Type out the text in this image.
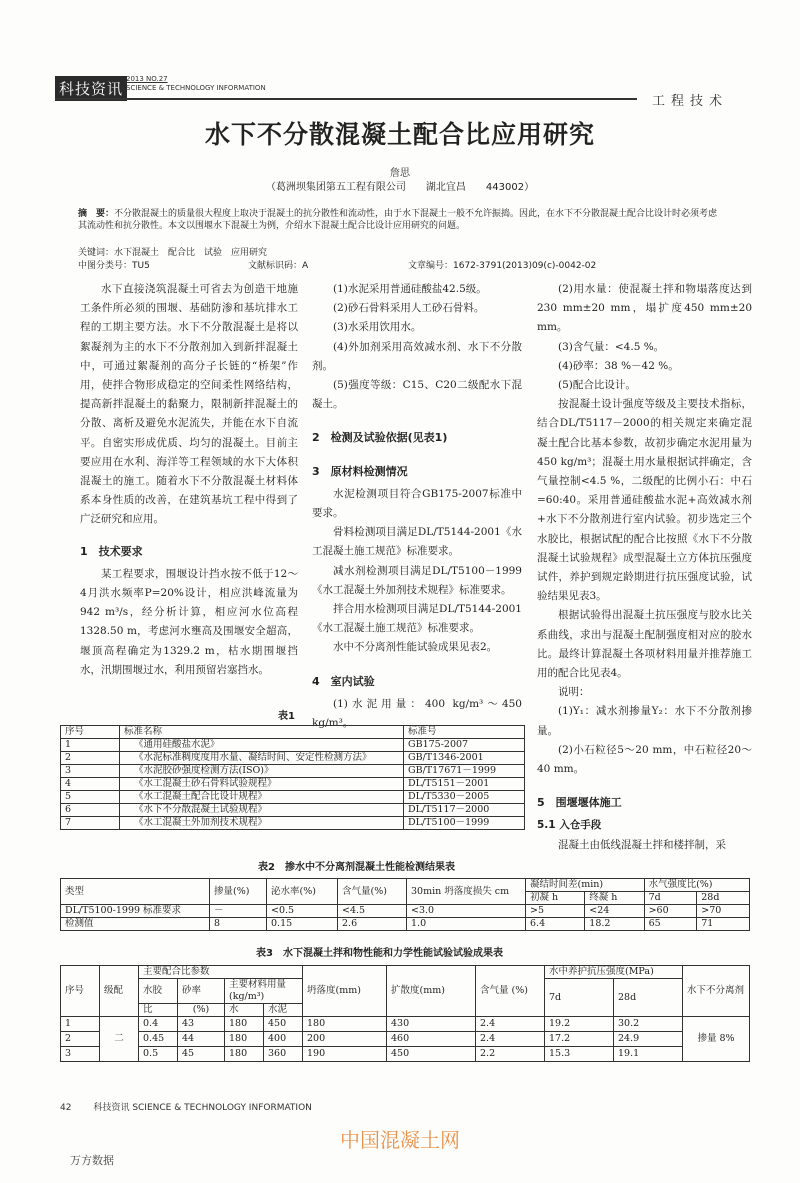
科技资讯
2013 NO.27
SCIENCE & TECHNOLOGY INFORMATION
工程技术
水下不分散混凝土配合比应用研究
詹思
（葛洲坝集团第五工程有限公司　　湖北宜昌　　443002）
摘　要：不分散混凝土的质量很大程度上取决于混凝土的抗分散性和流动性，由于水下混凝土一般不允许振捣。因此，在水下不分散混凝土配合比设计时必须考虑其流动性和抗分散性。本文以围堰水下混凝土为例，介绍水下混凝土配合比设计应用研究的问题。
关键词：水下混凝土　配合比　试验　应用研究
中图分类号：TU5	文献标识码：A	文章编号：1672-3791(2013)09(c)-0042-02

水下直接浇筑混凝土可省去为创造干地施工条件所必须的围堰、基础防渗和基坑排水工程的工期主要方法。水下不分散混凝土是将以絮凝剂为主的水下不分散剂加入到新拌混凝土中，可通过絮凝剂的高分子长链的“桥架”作用，使拌合物形成稳定的空间柔性网络结构，提高新拌混凝土的黏聚力，限制新拌混凝土的分散、离析及避免水泥流失，并能在水下自流平。自密实形成优质、均匀的混凝土。目前主要应用在水利、海洋等工程领域的水下大体积混凝土的施工。随着水下不分散混凝土材料体系本身性质的改善，在建筑基坑工程中得到了广泛研究和应用。

1　技术要求

某工程要求，围堰设计挡水按不低于12～4月洪水频率P=20%设计，相应洪峰流量为942 m³/s，经分析计算，相应河水位高程1328.50 m，考虑河水壅高及围堰安全超高，堰顶高程确定为1329.2 m，枯水期围堰挡水，汛期围堰过水，利用预留岩塞挡水。

(1)水泥采用普通硅酸盐42.5级。

(2)砂石骨料采用人工砂石骨料。

(3)水采用饮用水。

(4)外加剂采用高效减水剂、水下不分散剂。

(5)强度等级：C15、C20二级配水下混凝土。

2　检测及试验依据(见表1)
3　原材料检测情况

水泥检测项目符合GB175-2007标准中要求。

骨料检测项目满足DL/T5144-2001《水工混凝土施工规范》标准要求。

减水剂检测项目满足DL/T5100－1999《水工混凝土外加剂技术规程》标准要求。

拌合用水检测项目满足DL/T5144-2001《水工混凝土施工规范》标准要求。

水中不分离剂性能试验成果见表2。

4　室内试验

(1)水泥用量：400 kg/m³～450 kg/m³。

(2)用水量：使混凝土拌和物塌落度达到230 mm±20 mm，塌扩度450 mm±20 mm。

(3)含气量：<4.5 %。

(4)砂率：38 %－42 %。

(5)配合比设计。

按混凝土设计强度等级及主要技术指标，结合DL/T5117－2000的相关规定来确定混凝土配合比基本参数，故初步确定水泥用量为450 kg/m³；混凝土用水量根据试拌确定，含气量控制<4.5 %，二级配的比例小石：中石=60:40。采用普通硅酸盐水泥+高效减水剂+水下不分散剂进行室内试验。初步选定三个水胶比，根据试配的配合比按照《水下不分散混凝土试验规程》成型混凝土立方体抗压强度试件，养护到规定龄期进行抗压强度试验，试验结果见表3。

根据试验得出混凝土抗压强度与胶水比关系曲线，求出与混凝土配制强度相对应的胶水比。最终计算混凝土各项材料用量并推荐施工用的配合比见表4。

说明：

(1)Y₁：减水剂掺量Y₂：水下不分散剂掺量。

(2)小石粒径5～20 mm，中石粒径20～40 mm。

5　围堰堰体施工
5.1 入仓手段

混凝土由低线混凝土拌和楼拌制，采

表1
序号	标准名称	标准号
1	《通用硅酸盐水泥》	GB175-2007
2	《水泥标准稠度度用水量、凝结时间、安定性检测方法》	GB/T1346-2001
3	《水泥胶砂强度检测方法(ISO)》	GB/T17671－1999
4	《水工混凝土砂石骨料试验规程》	DL/T5151－2001
5	《水工混凝土配合比设计规程》	DL/T5330－2005
6	《水下不分散混凝土试验规程》	DL/T5117－2000
7	《水工混凝土外加剂技术规程》	DL/T5100－1999
表2　掺水中不分离剂混凝土性能检测结果表
类型	掺量(%)	泌水率(%)	含气量(%)	30min 坍落度损失 cm	凝结时间差(min)		水气强度比(%)	
					初凝 h	终凝 h	7d	28d
DL/T5100-1999 标准要求	－	<0.5	<4.5	<3.0	>5	<24	>60	>70
检测值	8	0.15	2.6	1.0	6.4	18.2	65	71
表3　水下混凝土拌和物性能和力学性能试验试验成果表
序号	级配	主要配合比参数				坍落度(mm)	扩散度(mm)	含气量 (%)	水中养护抗压强度(MPa)		水下不分离剂
		水胶	砂率	主要材料用量(kg/m³)					7d	28d	
		比	(%)	水	水泥						
1	二	0.4	43	180	450	180	430	2.4	19.2	30.2	掺量 8%
2		0.45	44	180	400	200	460	2.4	17.2	24.9	
3		0.5	45	180	360	190	450	2.2	15.3	19.1	
42 科技资讯 SCIENCE & TECHNOLOGY INFORMATION
中国混凝土网
万方数据
